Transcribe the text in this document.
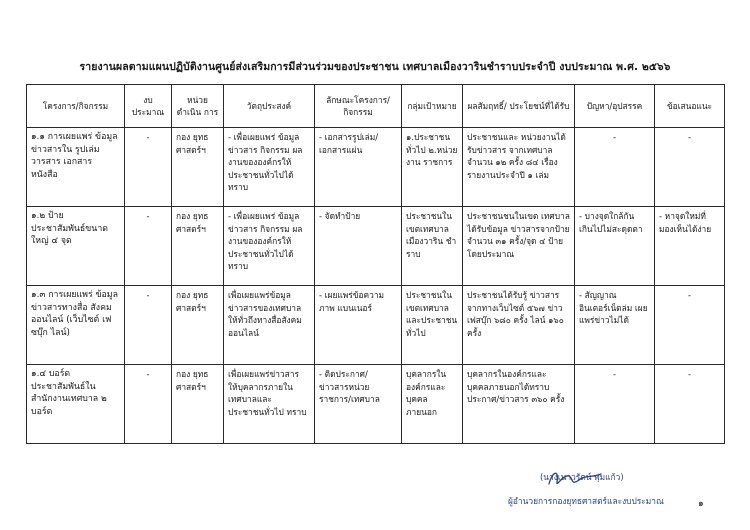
รายงานผลตามแผนปฏิบัติงานศูนย์ส่งเสริมการมีส่วนร่วมของประชาชน เทศบาลเมืองวารินชำราบประจำปี งบประมาณ พ.ศ. ๒๕๖๖
โครงการ/กิจกรรม	งบ ประมาณ	หน่วย ดำเนิน การ	วัตถุประสงค์	ลักษณะโครงการ/ กิจกรรม	กลุ่มเป้าหมาย	ผลสัมฤทธิ์/ ประโยชน์ที่ได้รับ	ปัญหา/อุปสรรค	ข้อเสนอแนะ
๑.๑ การเผยแพร่ ข้อมูลข่าวสารใน รูปเล่ม วารสาร เอกสาร หนังสือ	-	กอง ยุทธศาสตร์ฯ	- เพื่อเผยแพร่ ข้อมูล ข่าวสาร กิจกรรม ผลงานขององค์กรให้ ประชาชนทั่วไปได้ ทราบ	- เอกสารรูปเล่ม/ เอกสารแผ่น	๑.ประชาชน ทั่วไป ๒.หน่วยงาน ราชการ	ประชาชนและ หน่วยงานได้รับข่าวสาร จากเทศบาล จำนวน ๑๒ ครั้ง ๘๔ เรื่อง รายงานประจำปี ๑ เล่ม	-	-
๑.๒ ป้าย ประชาสัมพันธ์ขนาด ใหญ่ ๔ จุด	-	กอง ยุทธศาสตร์ฯ	- เพื่อเผยแพร่ ข้อมูล ข่าวสาร กิจกรรม ผลงานขององค์กรให้ ประชาชนทั่วไปได้ ทราบ	- จัดทำป้าย	ประชาชนใน เขตเทศบาล เมืองวาริน ชำราบ	ประชาชนชนในเขต เทศบาลได้รับข้อมูล ข่าวสารจากป้ายจำนวน ๓๑ ครั้ง/จุด ๔ ป้าย โดยประมาณ	- บางจุดใกล้กัน เกินไปไม่สะดุดตา	- หาจุดใหม่ที่ มองเห็นได้ง่าย
๑.๓ การเผยแพร่ ข้อมูลข่าวสารทางสื่อ สังคมออนไลน์ (เว็บไซต์ เฟซบุ๊ก ไลน์)	-	กอง ยุทธศาสตร์ฯ	เพื่อเผยแพร่ข้อมูล ข่าวสารของเทศบาล ให้ทั่วถึงทางสื่อสังคม ออนไลน์	- เผยแพร่ข้อความ ภาพ แบนเนอร์	ประชาชนใน เขตเทศบาล และประชาชน ทั่วไป	ประชาชนได้รับรู้ ข่าวสารจากทางเว็บไซต์ ๕๖๗ ข่าว เฟสบุ๊ก ๖๘๐ ครั้ง ไลน์ ๑๖๐ ครั้ง	- สัญญาณ อินเตอร์เน็ตล่ม เผยแพร่ข่าวไม่ได้	-
๑.๔ บอร์ด ประชาสัมพันธ์ใน สำนักงานเทศบาล ๒ บอร์ด	-	กอง ยุทธศาสตร์ฯ	เพื่อเผยแพร่ข่าวสาร ให้บุคลากรภายใน เทศบาลและ ประชาชนทั่วไป ทราบ	- ติดประกาศ/ ข่าวสารหน่วย ราชการ/เทศบาล	บุคลากรใน องค์กรและ บุคคลภายนอก	บุคลากรในองค์กรและ บุคคลภายนอกได้ทราบ ประกาศ/ข่าวสาร ๓๖๐ ครั้ง	-	-
(นางเนาวรัตน์ พุ่มแก้ว)
ผู้อำนวยการกองยุทธศาสตร์และงบประมาณ	๑
